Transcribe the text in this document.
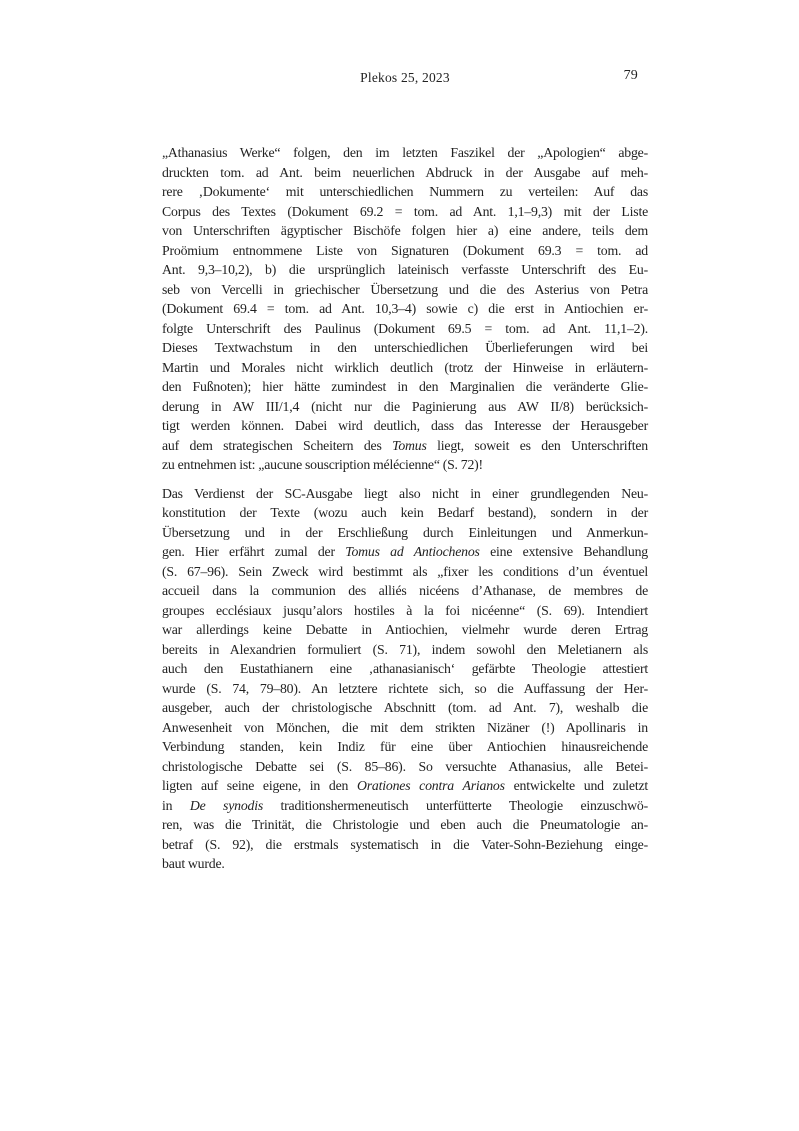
Plekos 25, 2023	79
„Athanasius Werke“ folgen, den im letzten Faszikel der „Apologien“ abge-
druckten tom. ad Ant. beim neuerlichen Abdruck in der Ausgabe auf meh-
rere ‚Dokumente‘ mit unterschiedlichen Nummern zu verteilen: Auf das
Corpus des Textes (Dokument 69.2 = tom. ad Ant. 1,1–9,3) mit der Liste
von Unterschriften ägyptischer Bischöfe folgen hier a) eine andere, teils dem
Proömium entnommene Liste von Signaturen (Dokument 69.3 = tom. ad
Ant. 9,3–10,2), b) die ursprünglich lateinisch verfasste Unterschrift des Eu-
seb von Vercelli in griechischer Übersetzung und die des Asterius von Petra
(Dokument 69.4 = tom. ad Ant. 10,3–4) sowie c) die erst in Antiochien er-
folgte Unterschrift des Paulinus (Dokument 69.5 = tom. ad Ant. 11,1–2).
Dieses Textwachstum in den unterschiedlichen Überlieferungen wird bei
Martin und Morales nicht wirklich deutlich (trotz der Hinweise in erläutern-
den Fußnoten); hier hätte zumindest in den Marginalien die veränderte Glie-
derung in AW III/1,4 (nicht nur die Paginierung aus AW II/8) berücksich-
tigt werden können. Dabei wird deutlich, dass das Interesse der Herausgeber
auf dem strategischen Scheitern des Tomus liegt, soweit es den Unterschriften
zu entnehmen ist: „aucune souscription mélécienne“ (S. 72)!
Das Verdienst der SC-Ausgabe liegt also nicht in einer grundlegenden Neu-
konstitution der Texte (wozu auch kein Bedarf bestand), sondern in der
Übersetzung und in der Erschließung durch Einleitungen und Anmerkun-
gen. Hier erfährt zumal der Tomus ad Antiochenos eine extensive Behandlung
(S. 67–96). Sein Zweck wird bestimmt als „fixer les conditions d’un éventuel
accueil dans la communion des alliés nicéens d’Athanase, de membres de
groupes ecclésiaux jusqu’alors hostiles à la foi nicéenne“ (S. 69). Intendiert
war allerdings keine Debatte in Antiochien, vielmehr wurde deren Ertrag
bereits in Alexandrien formuliert (S. 71), indem sowohl den Meletianern als
auch den Eustathianern eine ‚athanasianisch‘ gefärbte Theologie attestiert
wurde (S. 74, 79–80). An letztere richtete sich, so die Auffassung der Her-
ausgeber, auch der christologische Abschnitt (tom. ad Ant. 7), weshalb die
Anwesenheit von Mönchen, die mit dem strikten Nizäner (!) Apollinaris in
Verbindung standen, kein Indiz für eine über Antiochien hinausreichende
christologische Debatte sei (S. 85–86). So versuchte Athanasius, alle Betei-
ligten auf seine eigene, in den Orationes contra Arianos entwickelte und zuletzt
in De synodis traditionshermeneutisch unterfütterte Theologie einzuschwö-
ren, was die Trinität, die Christologie und eben auch die Pneumatologie an-
betraf (S. 92), die erstmals systematisch in die Vater-Sohn-Beziehung einge-
baut wurde.
